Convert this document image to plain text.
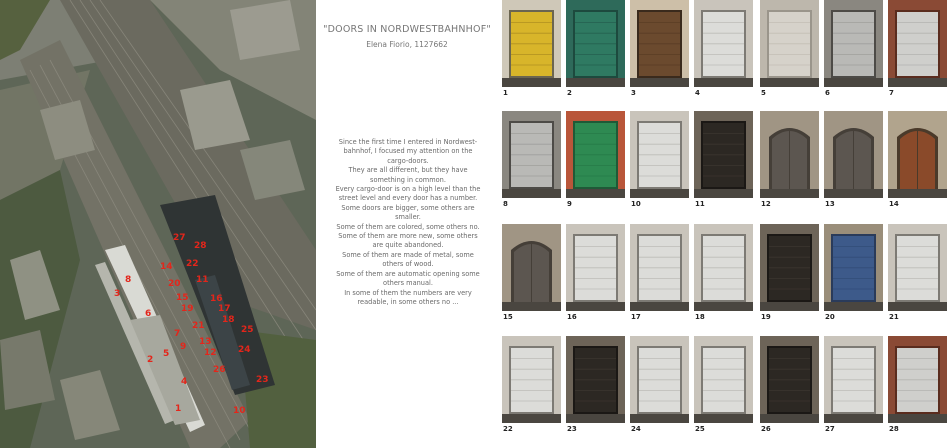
1
2
3
4
5
6
7
8
9
10
11
12
13
14
15 16
17
18
19
20
21
22
23
24
25
26
27
28
"DOORS IN NORDWESTBAHNHOF"
Elena Fiorio, 1127662

Since the first time I entered in Nordwest-bahnhof, I focused my attention on the cargo-doors.

They are all different, but they have something in common.

Every cargo-door is on a high level than the street level and every door has a number.

Some doors are bigger, some others are smaller.

Some of them are colored, some others no.

Some of them are more new, some others are quite abandoned.

Some of them are made of metal, some others of wood.

Some of them are automatic opening some others manual.

In some of them the numbers are very readable, in some others no ...

1	2	3	4	5	6	7
8	9	10	11	12	13	14
15	16	17	18	19	20	21
22	23	24	25	26	27	28
